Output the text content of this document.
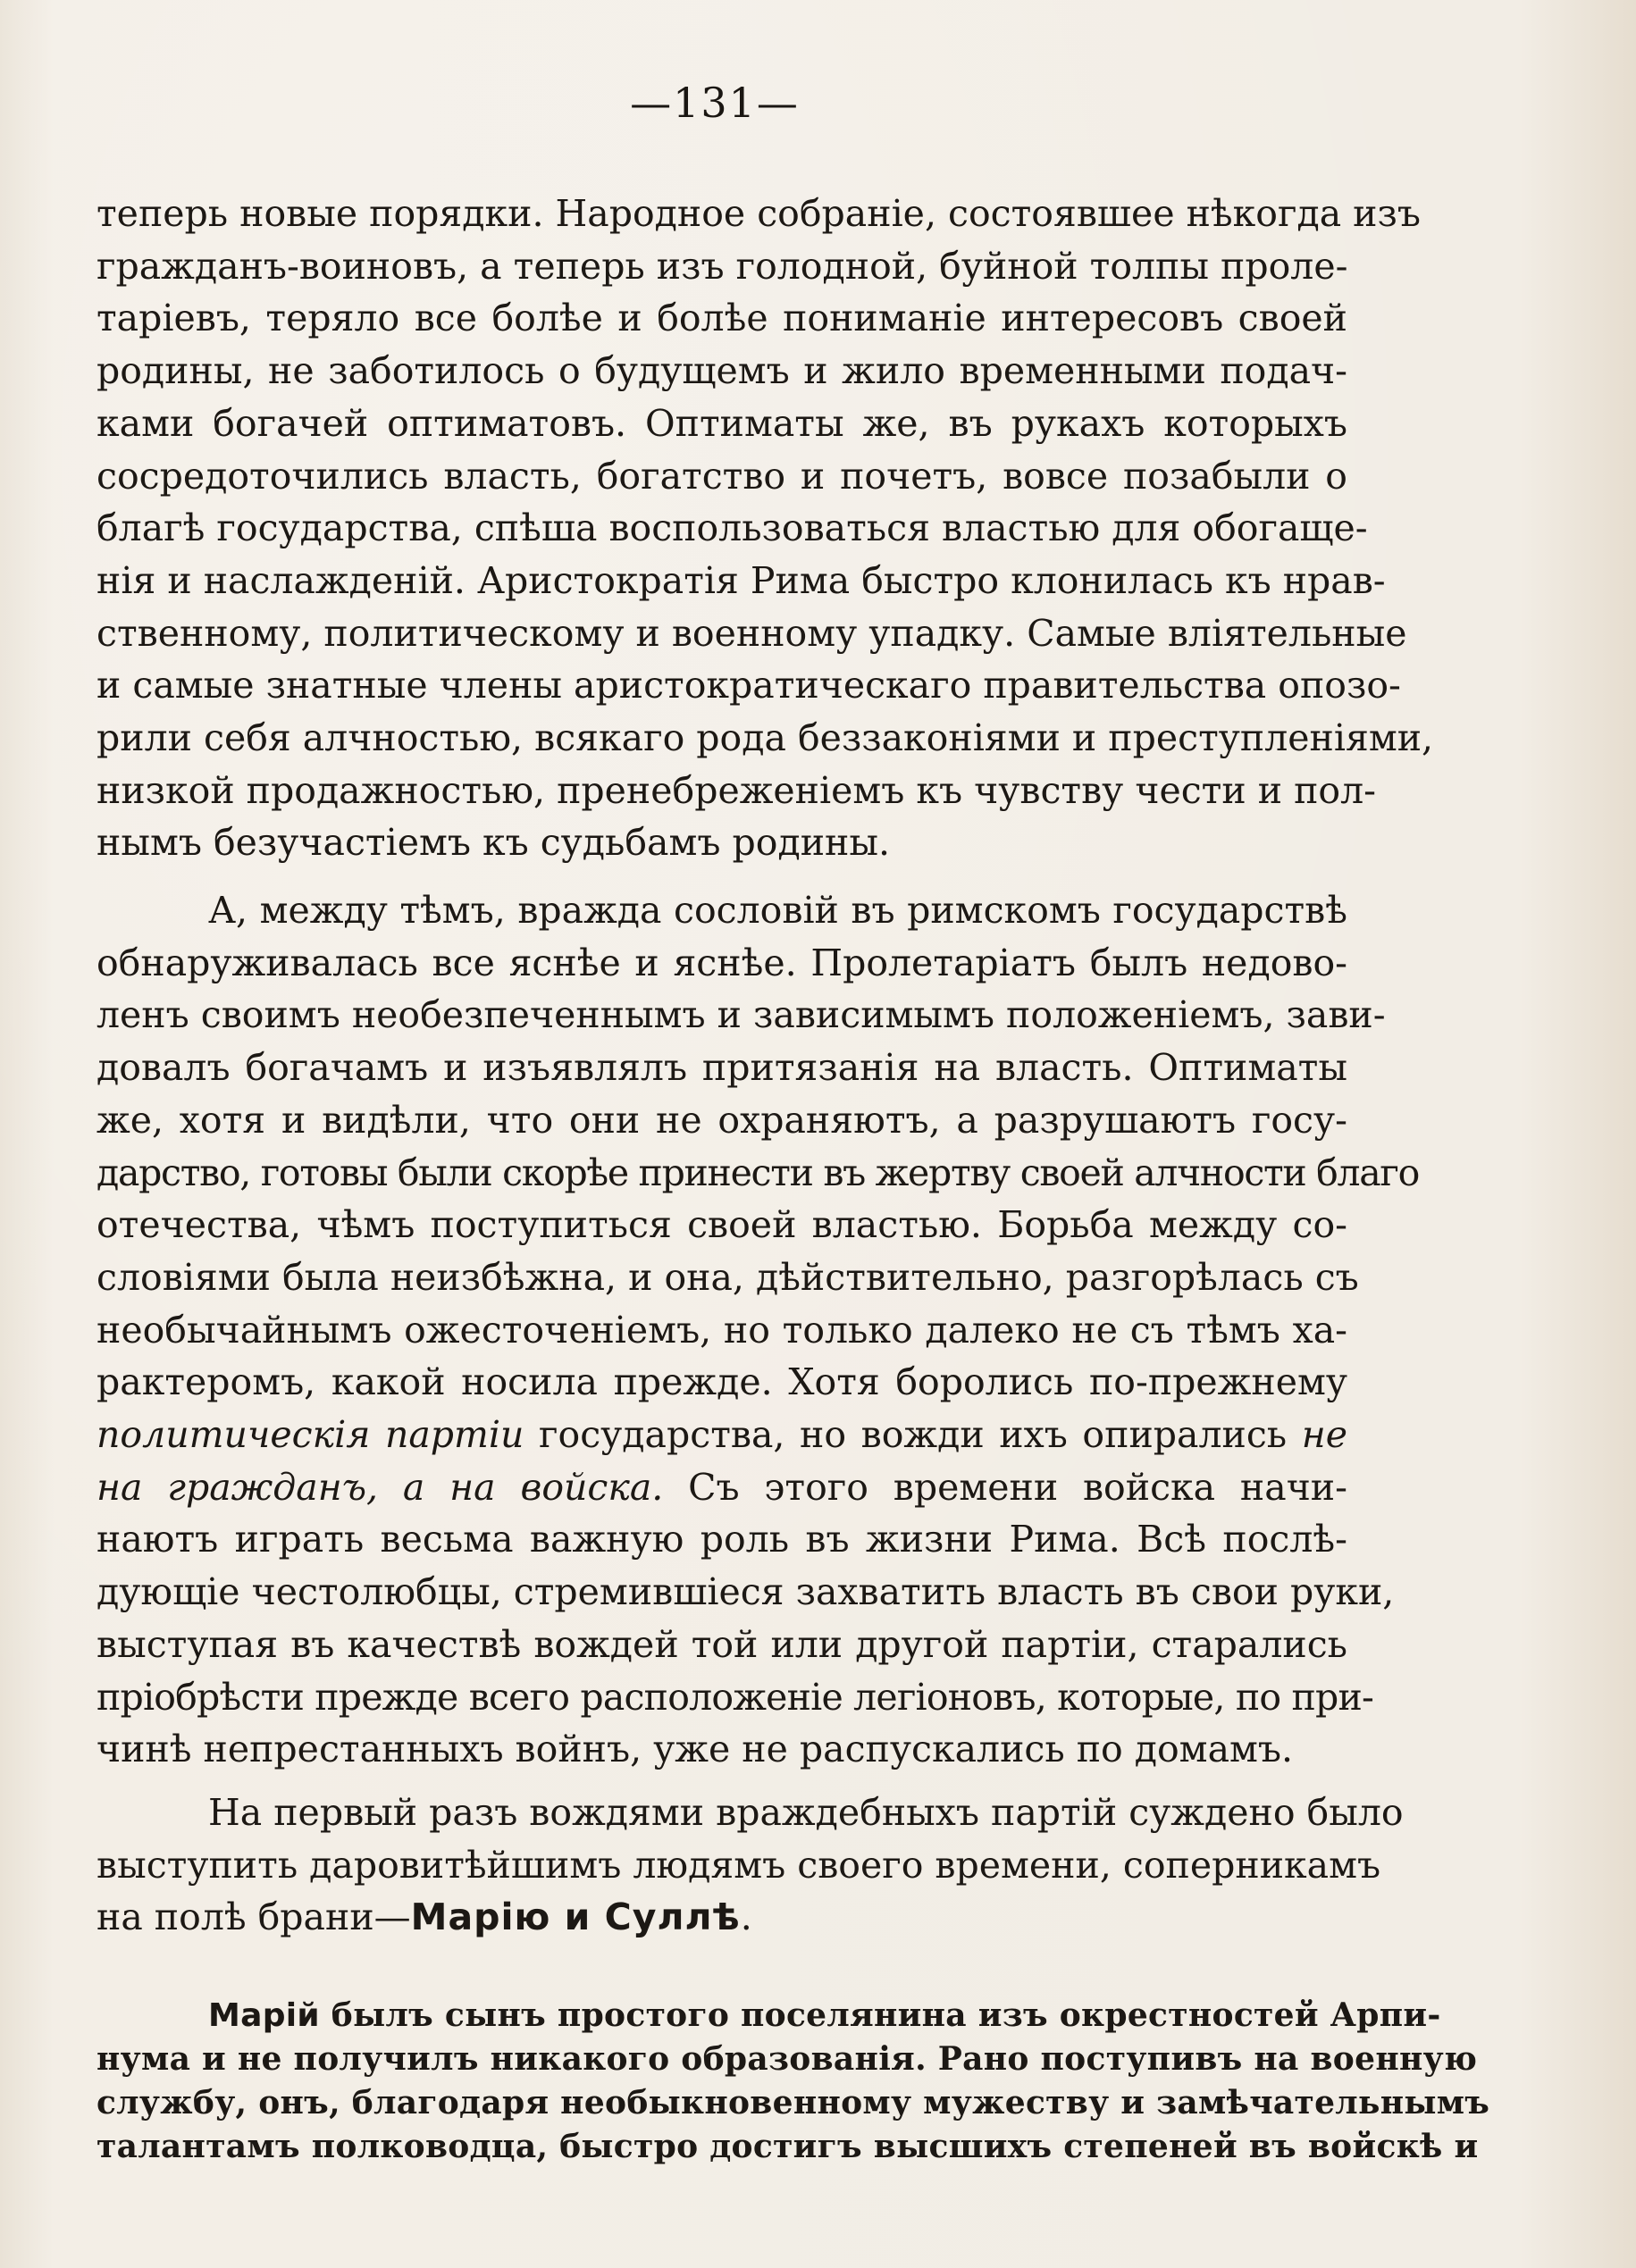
—131—
теперь новые порядки. Народное собраніе, состоявшее нѣкогда изъ
гражданъ-воиновъ, а теперь изъ голодной, буйной толпы проле-
таріевъ, теряло все болѣе и болѣе пониманіе интересовъ своей
родины, не заботилось о будущемъ и жило временными подач-
ками богачей оптиматовъ. Оптиматы же, въ рукахъ которыхъ
сосредоточились власть, богатство и почетъ, вовсе позабыли о
благѣ государства, спѣша воспользоваться властью для обогащe-
нія и наслажденій. Аристократія Рима быстро клонилась къ нрав-
ственному, политическому и военному упадку. Самые вліятельные
и самые знатные члены аристократическаго правительства опозо-
рили себя алчностью, всякаго рода беззаконіями и преступленіями,
низкой продажностью, пренебреженіемъ къ чувству чести и пол-
нымъ безучастіемъ къ судьбамъ родины.
А, между тѣмъ, вражда сословій въ римскомъ государствѣ
обнаруживалась все яснѣе и яснѣе. Пролетаріатъ былъ недово-
ленъ своимъ необезпеченнымъ и зависимымъ положеніемъ, зави-
довалъ богачамъ и изъявлялъ притязанія на власть. Оптиматы
же, хотя и видѣли, что они не охраняютъ, а разрушаютъ госу-
дарство, готовы были скорѣе принести въ жертву своей алчности благо
отечества, чѣмъ поступиться своей властью. Борьба между со-
словіями была неизбѣжна, и она, дѣйствительно, разгорѣлась съ
необычайнымъ ожесточеніемъ, но только далеко не съ тѣмъ ха-
рактеромъ, какой носила прежде. Хотя боролись по-прежнему
политическія партіи государства, но вожди ихъ опирались не
на гражданъ, а на войска. Съ этого времени войска начи-
наютъ играть весьма важную роль въ жизни Рима. Всѣ послѣ-
дующіе честолюбцы, стремившіеся захватить власть въ свои руки,
выступая въ качествѣ вождей той или другой партіи, старались
пріобрѣсти прежде всего расположеніе легіоновъ, которые, по при-
чинѣ непрестанныхъ войнъ, уже не распускались по домамъ.
На первый разъ вождями враждебныхъ партій суждено было
выступить даровитѣйшимъ людямъ своего времени, соперникамъ
на полѣ брани—Марію и Суллѣ.
Марій былъ сынъ простого поселянина изъ окрестностей Арпи-
нума и не получилъ никакого образованія. Рано поступивъ на военную
службу, онъ, благодаря необыкновенному мужеству и замѣчательнымъ
талантамъ полководца, быстро достигъ высшихъ степеней въ войскѣ и
